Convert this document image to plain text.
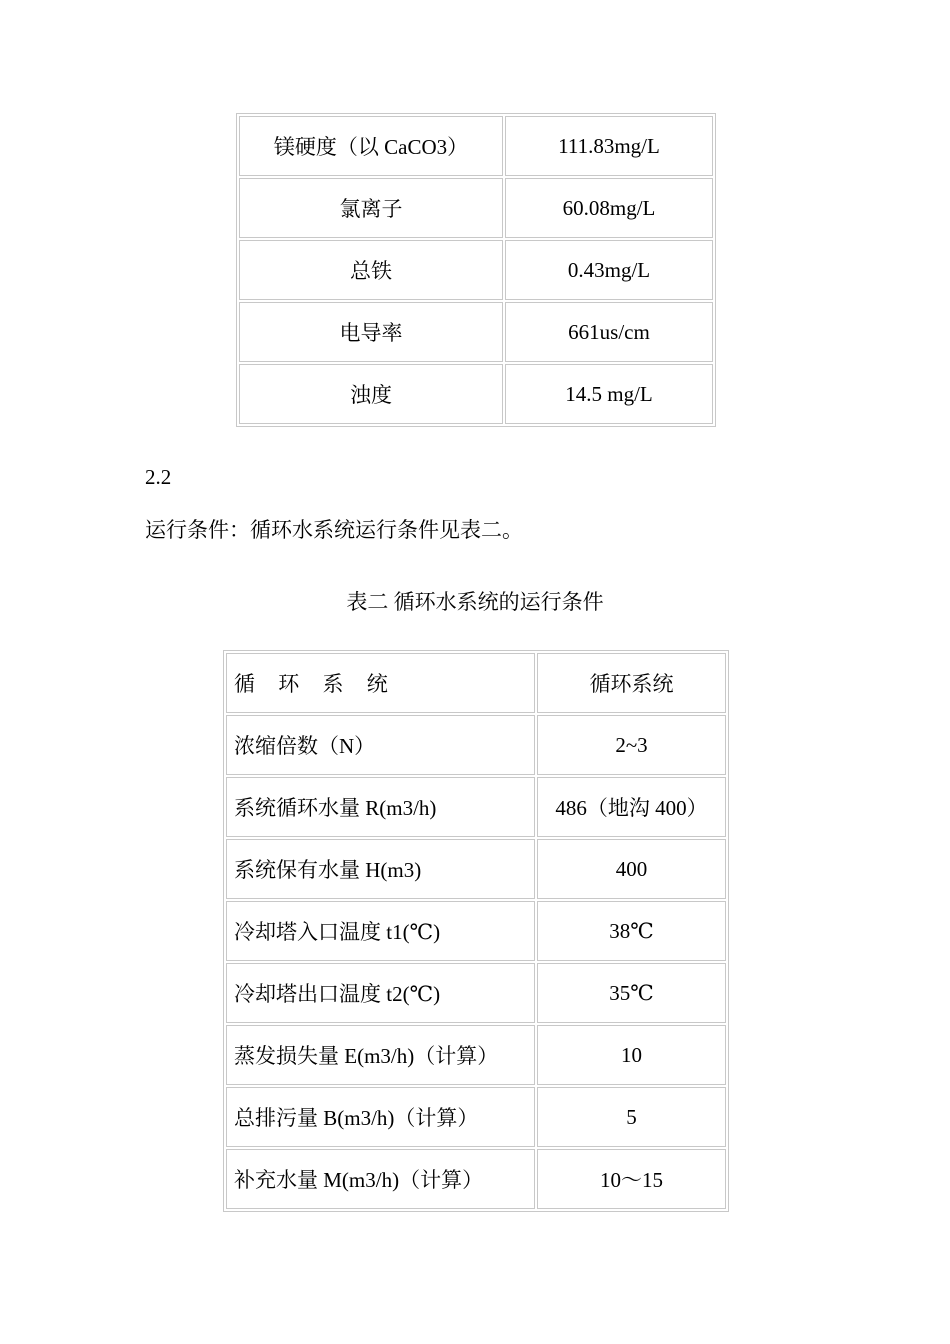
镁硬度（以 CaCO3）	111.83mg/L
氯离子	60.08mg/L
总铁	0.43mg/L
电导率	661us/cm
浊度	14.5 mg/L
2.2
运行条件：循环水系统运行条件见表二。
表二 循环水系统的运行条件
循 环 系 统	循环系统
浓缩倍数（N）	2~3
系统循环水量 R(m3/h)	486（地沟 400）
系统保有水量 H(m3)	400
冷却塔入口温度 t1(℃)	38℃
冷却塔出口温度 t2(℃)	35℃
蒸发损失量 E(m3/h)（计算）	10
总排污量 B(m3/h)（计算）	5
补充水量 M(m3/h)（计算）	10～15
